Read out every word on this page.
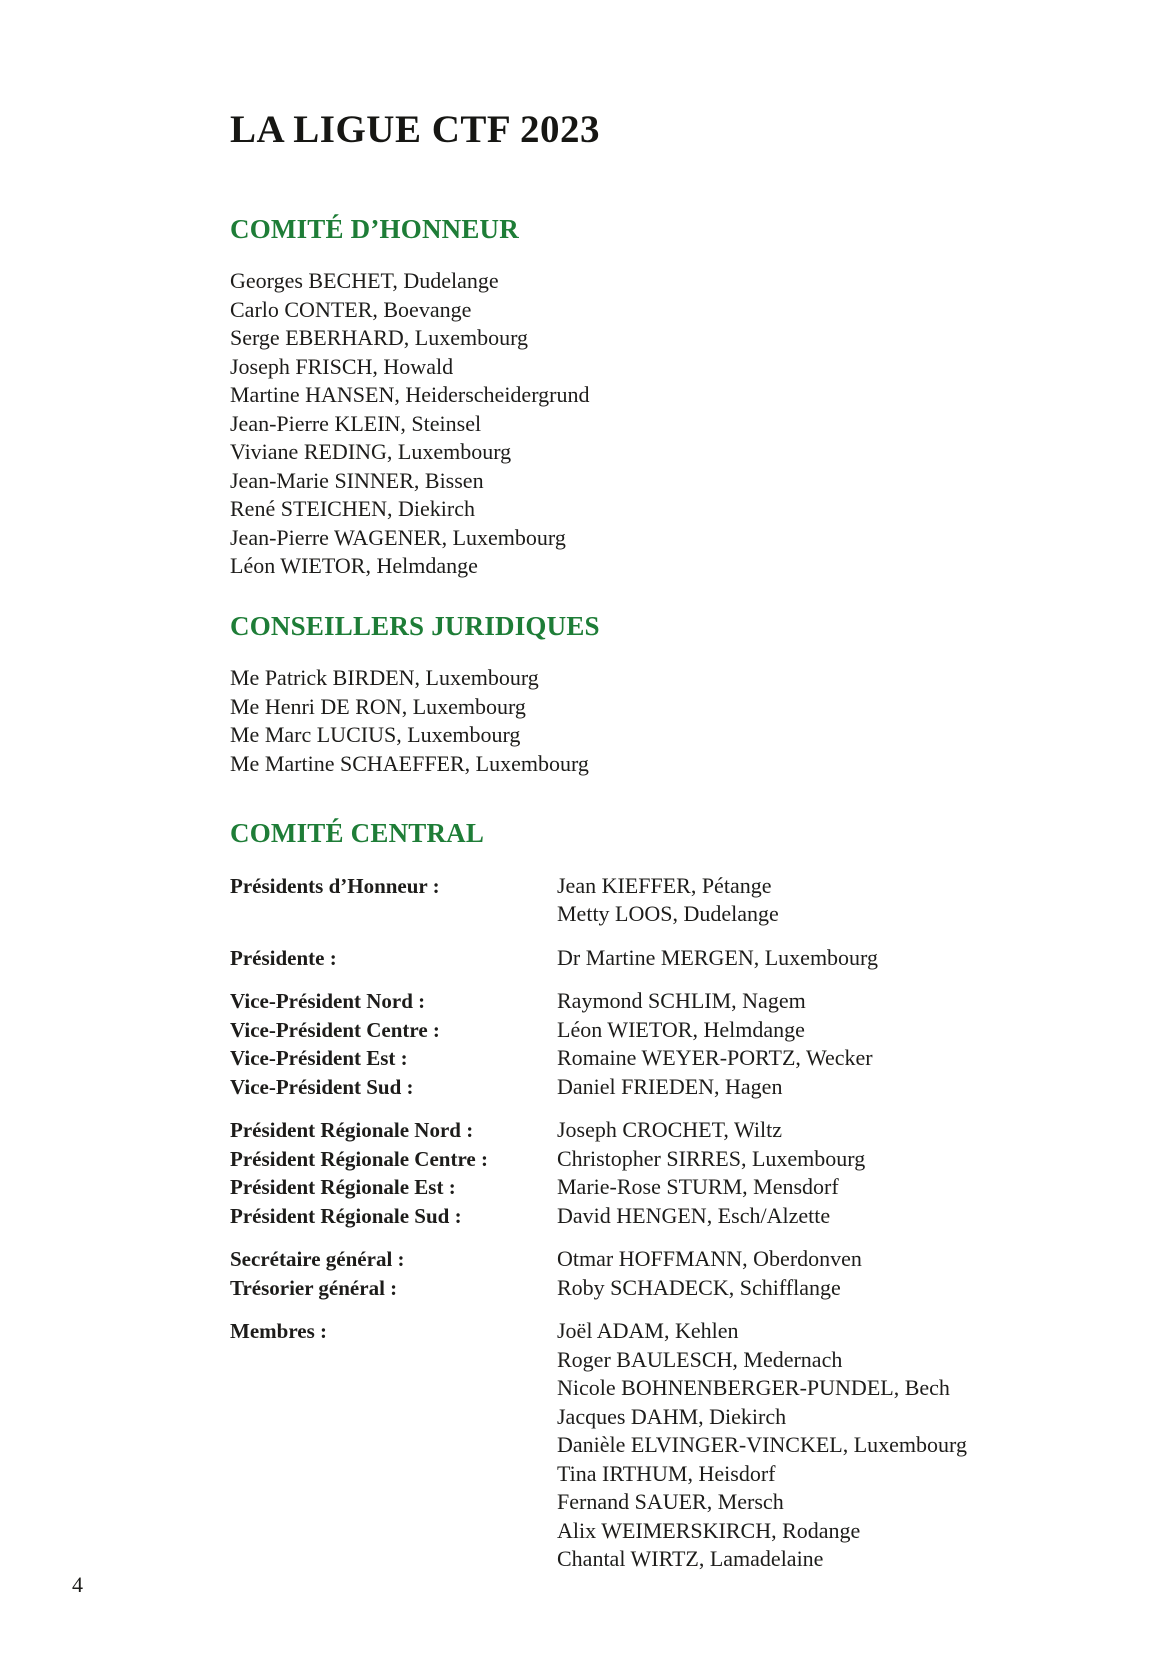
LA LIGUE CTF 2023
COMITÉ D’HONNEUR
Georges BECHET, Dudelange
Carlo CONTER, Boevange
Serge EBERHARD, Luxembourg
Joseph FRISCH, Howald
Martine HANSEN, Heiderscheidergrund
Jean-Pierre KLEIN, Steinsel
Viviane REDING, Luxembourg
Jean-Marie SINNER, Bissen
René STEICHEN, Diekirch
Jean-Pierre WAGENER, Luxembourg
Léon WIETOR, Helmdange
CONSEILLERS JURIDIQUES
Me Patrick BIRDEN, Luxembourg
Me Henri DE RON, Luxembourg
Me Marc LUCIUS, Luxembourg
Me Martine SCHAEFFER, Luxembourg
COMITÉ CENTRAL
Présidents d’Honneur :	Jean KIEFFER, Pétange
Metty LOOS, Dudelange
Présidente :	Dr Martine MERGEN, Luxembourg
Vice-Président Nord :	Raymond SCHLIM, Nagem
Vice-Président Centre :	Léon WIETOR, Helmdange
Vice-Président Est :	Romaine WEYER-PORTZ, Wecker
Vice-Président Sud :	Daniel FRIEDEN, Hagen
Président Régionale Nord :	Joseph CROCHET, Wiltz
Président Régionale Centre :	Christopher SIRRES, Luxembourg
Président Régionale Est :	Marie-Rose STURM, Mensdorf
Président Régionale Sud :	David HENGEN, Esch/Alzette
Secrétaire général :	Otmar HOFFMANN, Oberdonven
Trésorier général :	Roby SCHADECK, Schifflange
Membres :	Joël ADAM, Kehlen
Roger BAULESCH, Medernach
Nicole BOHNENBERGER-PUNDEL, Bech
Jacques DAHM, Diekirch
Danièle ELVINGER-VINCKEL, Luxembourg
Tina IRTHUM, Heisdorf
Fernand SAUER, Mersch
Alix WEIMERSKIRCH, Rodange
Chantal WIRTZ, Lamadelaine
4
